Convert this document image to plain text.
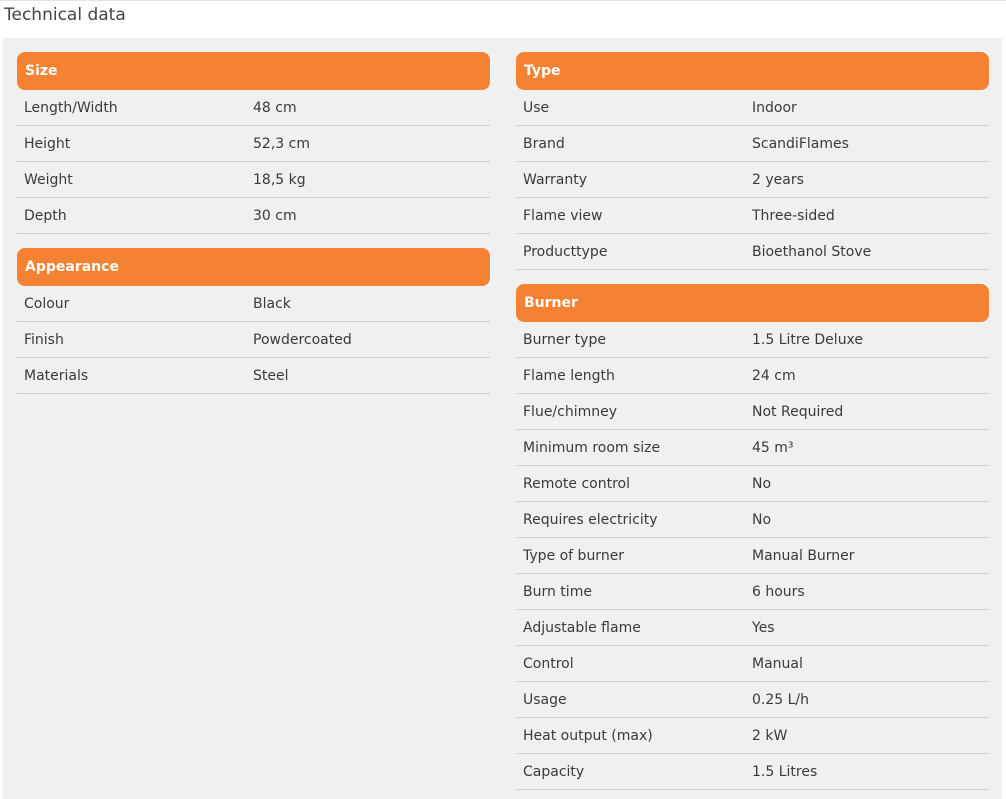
Technical data
Size
Length/Width	48 cm
Height	52,3 cm
Weight	18,5 kg
Depth	30 cm
Appearance
Colour	Black
Finish	Powdercoated
Materials	Steel
Type
Use	Indoor
Brand	ScandiFlames
Warranty	2 years
Flame view	Three-sided
Producttype	Bioethanol Stove
Burner
Burner type	1.5 Litre Deluxe
Flame length	24 cm
Flue/chimney	Not Required
Minimum room size	45 m³
Remote control	No
Requires electricity	No
Type of burner	Manual Burner
Burn time	6 hours
Adjustable flame	Yes
Control	Manual
Usage	0.25 L/h
Heat output (max)	2 kW
Capacity	1.5 Litres
